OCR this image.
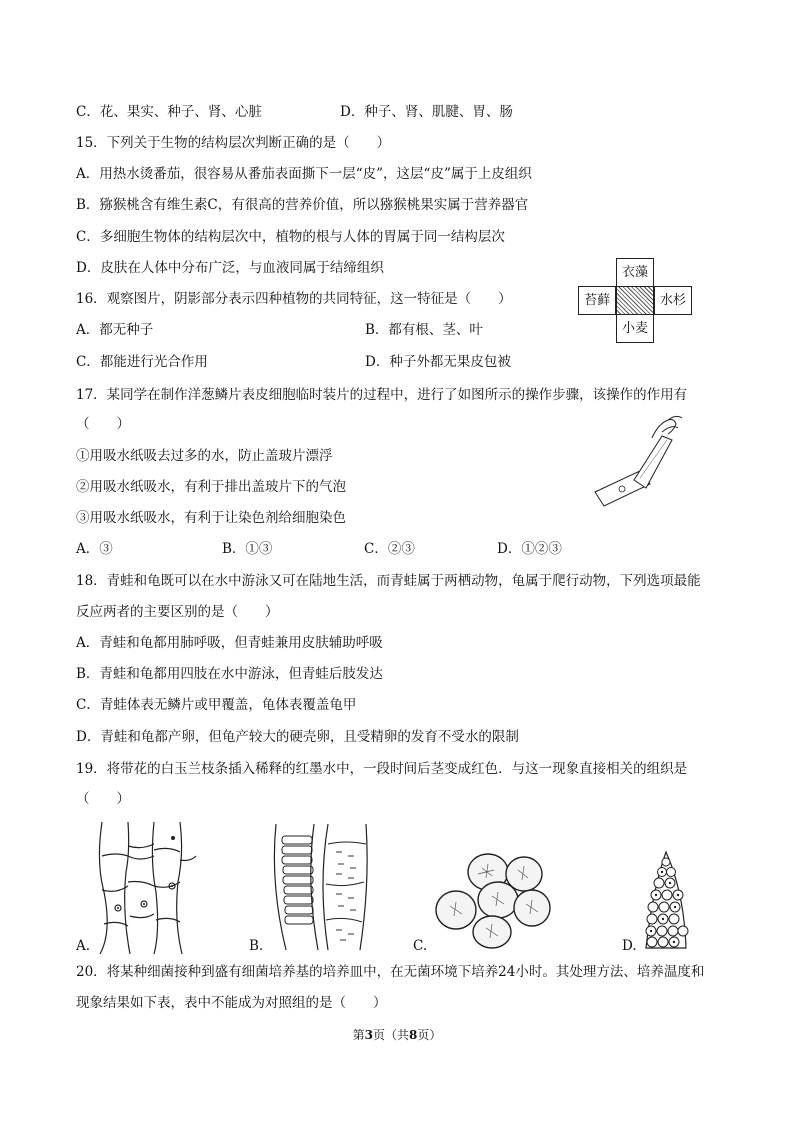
C．花、果实、种子、肾、心脏	D．种子、肾、肌腱、胃、肠
15．下列关于生物的结构层次判断正确的是（　　）
A．用热水烫番茄，很容易从番茄表面撕下一层“皮”，这层“皮”属于上皮组织
B．猕猴桃含有维生素C，有很高的营养价值，所以猕猴桃果实属于营养器官
C．多细胞生物体的结构层次中，植物的根与人体的胃属于同一结构层次
D．皮肤在人体中分布广泛，与血液同属于结缔组织
16．观察图片，阴影部分表示四种植物的共同特征，这一特征是（　　）
A．都无种子	B．都有根、茎、叶
C．都能进行光合作用	D．种子外都无果皮包被
衣藻
苔藓	水杉
小麦
17．某同学在制作洋葱鳞片表皮细胞临时装片的过程中，进行了如图所示的操作步骤，该操作的作用有
（　　）
①用吸水纸吸去过多的水，防止盖玻片漂浮
②用吸水纸吸水，有利于排出盖玻片下的气泡
③用吸水纸吸水，有利于让染色剂给细胞染色
A．③	B．①③	C．②③	D．①②③
18．青蛙和龟既可以在水中游泳又可在陆地生活，而青蛙属于两栖动物，龟属于爬行动物，下列选项最能
反应两者的主要区别的是（　　）
A．青蛙和龟都用肺呼吸，但青蛙兼用皮肤辅助呼吸
B．青蛙和龟都用四肢在水中游泳，但青蛙后肢发达
C．青蛙体表无鳞片或甲覆盖，龟体表覆盖龟甲
D．青蛙和龟都产卵，但龟产较大的硬壳卵，且受精卵的发育不受水的限制
19．将带花的白玉兰枝条插入稀释的红墨水中，一段时间后茎变成红色．与这一现象直接相关的组织是
（　　）
A.	B.	C.	D.
20．将某种细菌接种到盛有细菌培养基的培养皿中，在无菌环境下培养24小时。其处理方法、培养温度和
现象结果如下表，表中不能成为对照组的是（　　）
第3页（共8页）
